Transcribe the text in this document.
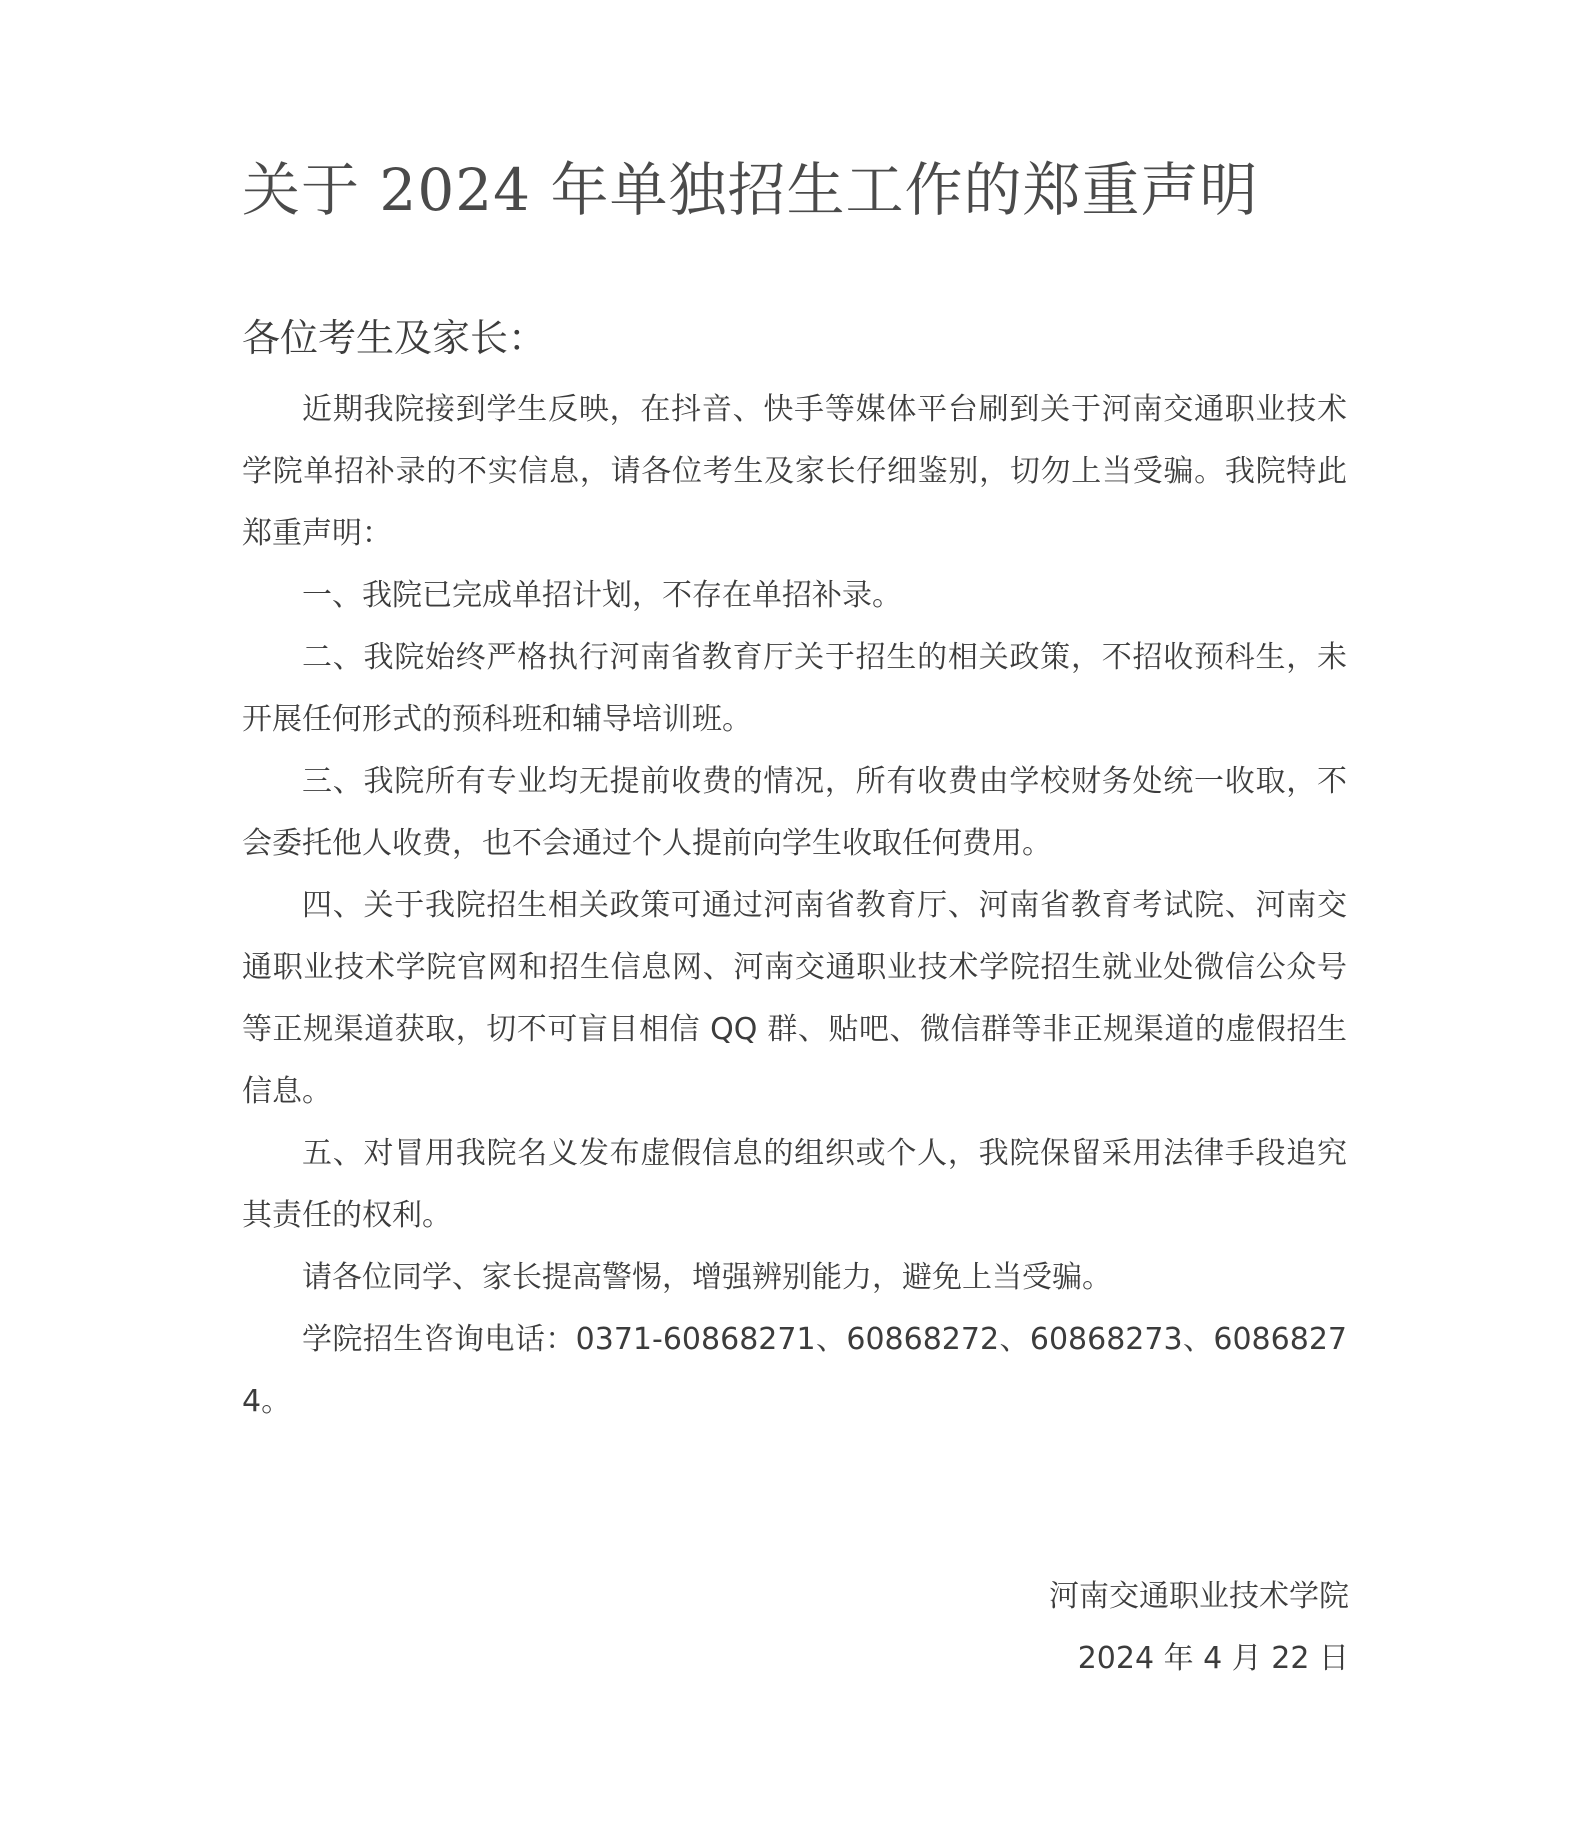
关于 2024 年单独招生工作的郑重声明

各位考生及家长：

近期我院接到学生反映，在抖音、快手等媒体平台刷到关于河南交通职业技术学院单招补录的不实信息，请各位考生及家长仔细鉴别，切勿上当受骗。我院特此郑重声明：

一、我院已完成单招计划，不存在单招补录。

二、我院始终严格执行河南省教育厅关于招生的相关政策，不招收预科生，未开展任何形式的预科班和辅导培训班。

三、我院所有专业均无提前收费的情况，所有收费由学校财务处统一收取，不会委托他人收费，也不会通过个人提前向学生收取任何费用。

四、关于我院招生相关政策可通过河南省教育厅、河南省教育考试院、河南交通职业技术学院官网和招生信息网、河南交通职业技术学院招生就业处微信公众号等正规渠道获取，切不可盲目相信 QQ 群、贴吧、微信群等非正规渠道的虚假招生信息。

五、对冒用我院名义发布虚假信息的组织或个人，我院保留采用法律手段追究其责任的权利。

请各位同学、家长提高警惕，增强辨别能力，避免上当受骗。

学院招生咨询电话：0371-60868271、60868272、60868273、60868274。

河南交通职业技术学院
2024 年 4 月 22 日
